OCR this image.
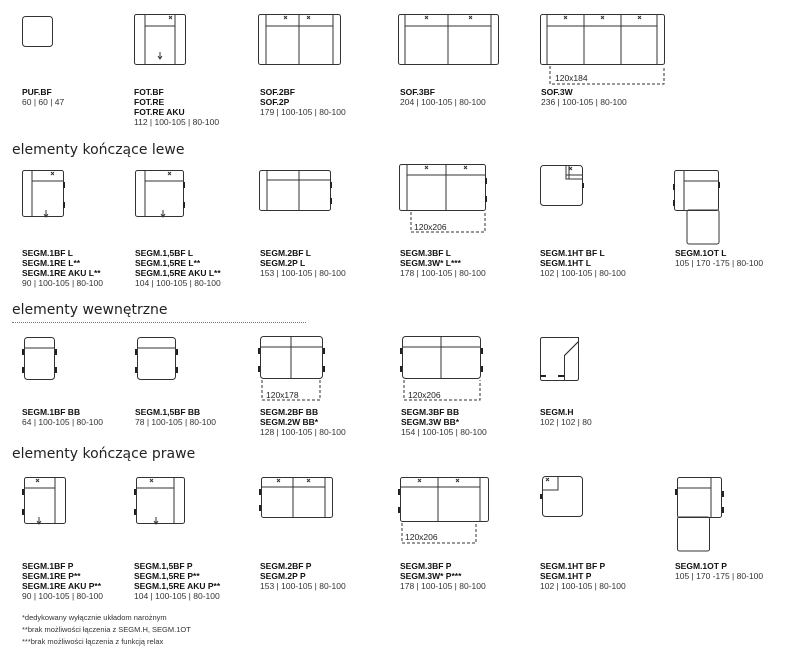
120x184
120x206
120x178	120x206
120x206
elementy kończące lewe
elementy wewnętrzne
elementy kończące prawe
PUF.BF
60 | 60 | 47
FOT.BF
FOT.RE
FOT.RE AKU
112 | 100-105 | 80-100
SOF.2BF
SOF.2P
179 | 100-105 | 80-100
SOF.3BF
204 | 100-105 | 80-100
SOF.3W
236 | 100-105 | 80-100
SEGM.1BF L
SEGM.1RE L**
SEGM.1RE AKU L**
90 | 100-105 | 80-100
SEGM.1,5BF L
SEGM.1,5RE L**
SEGM.1,5RE AKU L**
104 | 100-105 | 80-100
SEGM.2BF L
SEGM.2P L
153 | 100-105 | 80-100
SEGM.3BF L
SEGM.3W* L***
178 | 100-105 | 80-100
SEGM.1HT BF L
SEGM.1HT L
102 | 100-105 | 80-100
SEGM.1OT L
105 | 170 -175 | 80-100
SEGM.1BF BB
64 | 100-105 | 80-100
SEGM.1,5BF BB
78 | 100-105 | 80-100
SEGM.2BF BB
SEGM.2W BB*
128 | 100-105 | 80-100
SEGM.3BF BB
SEGM.3W BB*
154 | 100-105 | 80-100
SEGM.H
102 | 102 | 80
SEGM.1BF P
SEGM.1RE P**
SEGM.1RE AKU P**
90 | 100-105 | 80-100
SEGM.1,5BF P
SEGM.1,5RE P**
SEGM.1,5RE AKU P**
104 | 100-105 | 80-100
SEGM.2BF P
SEGM.2P P
153 | 100-105 | 80-100
SEGM.3BF P
SEGM.3W* P***
178 | 100-105 | 80-100
SEGM.1HT BF P
SEGM.1HT P
102 | 100-105 | 80-100
SEGM.1OT P
105 | 170 -175 | 80-100
*dedykowany wyłącznie układom narożnym
**brak możliwości łączenia z SEGM.H, SEGM.1OT
***brak możliwości łączenia z funkcją relax
